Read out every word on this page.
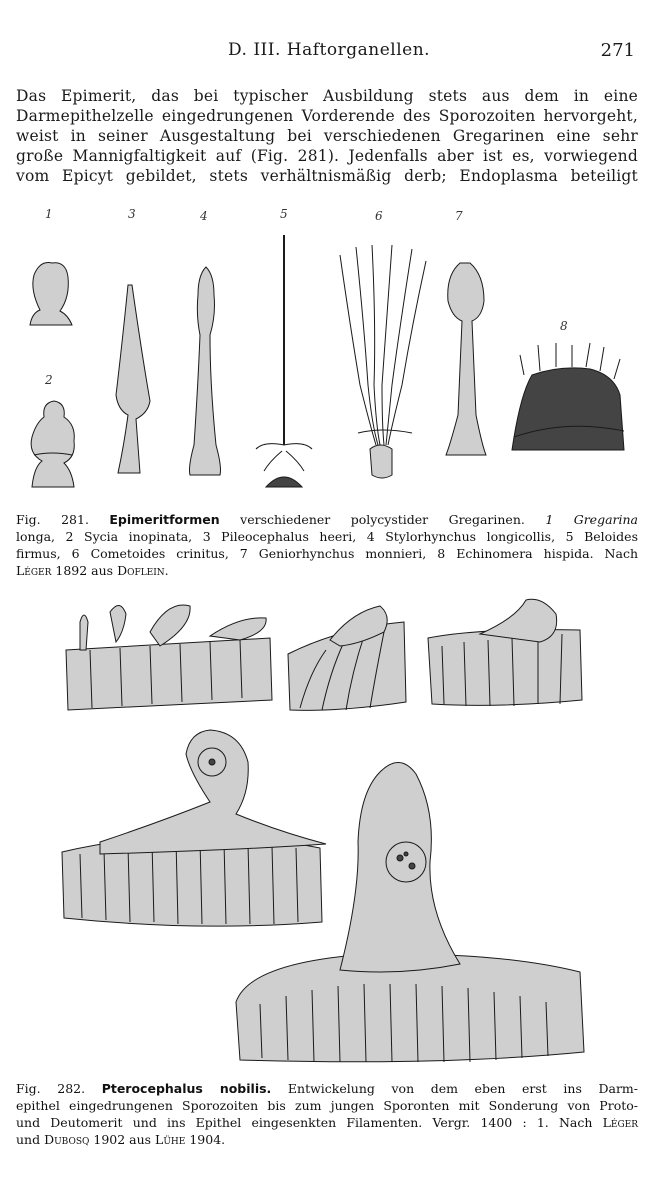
D. III. Haftorganellen.	271
Das Epimerit, das bei typischer Ausbildung stets aus dem in eine
Darmepithelzelle eingedrungenen Vorderende des Sporozoiten hervorgeht,
weist in seiner Ausgestaltung bei verschiedenen Gregarinen eine sehr
große Mannigfaltigkeit auf (Fig. 281). Jedenfalls aber ist es, vorwiegend
vom Epicyt gebildet, stets verhältnismäßig derb; Endoplasma beteiligt
1
2
3	4	5	6	7
8
Fig. 281. Epimeritformen verschiedener polycystider Gregarinen. 1 Gregarina
longa, 2 Sycia inopinata, 3 Pileocephalus heeri, 4 Stylorhynchus longicollis, 5 Beloides
firmus, 6 Cometoides crinitus, 7 Geniorhynchus monnieri, 8 Echinomera hispida. Nach
Léger 1892 aus Doflein.
Fig. 282. Pterocephalus nobilis. Entwickelung von dem eben erst ins Darm-
epithel eingedrungenen Sporozoiten bis zum jungen Sporonten mit Sonderung von Proto-
und Deutomerit und ins Epithel eingesenkten Filamenten. Vergr. 1400 : 1. Nach Léger
und Dubosq 1902 aus Lühe 1904.
